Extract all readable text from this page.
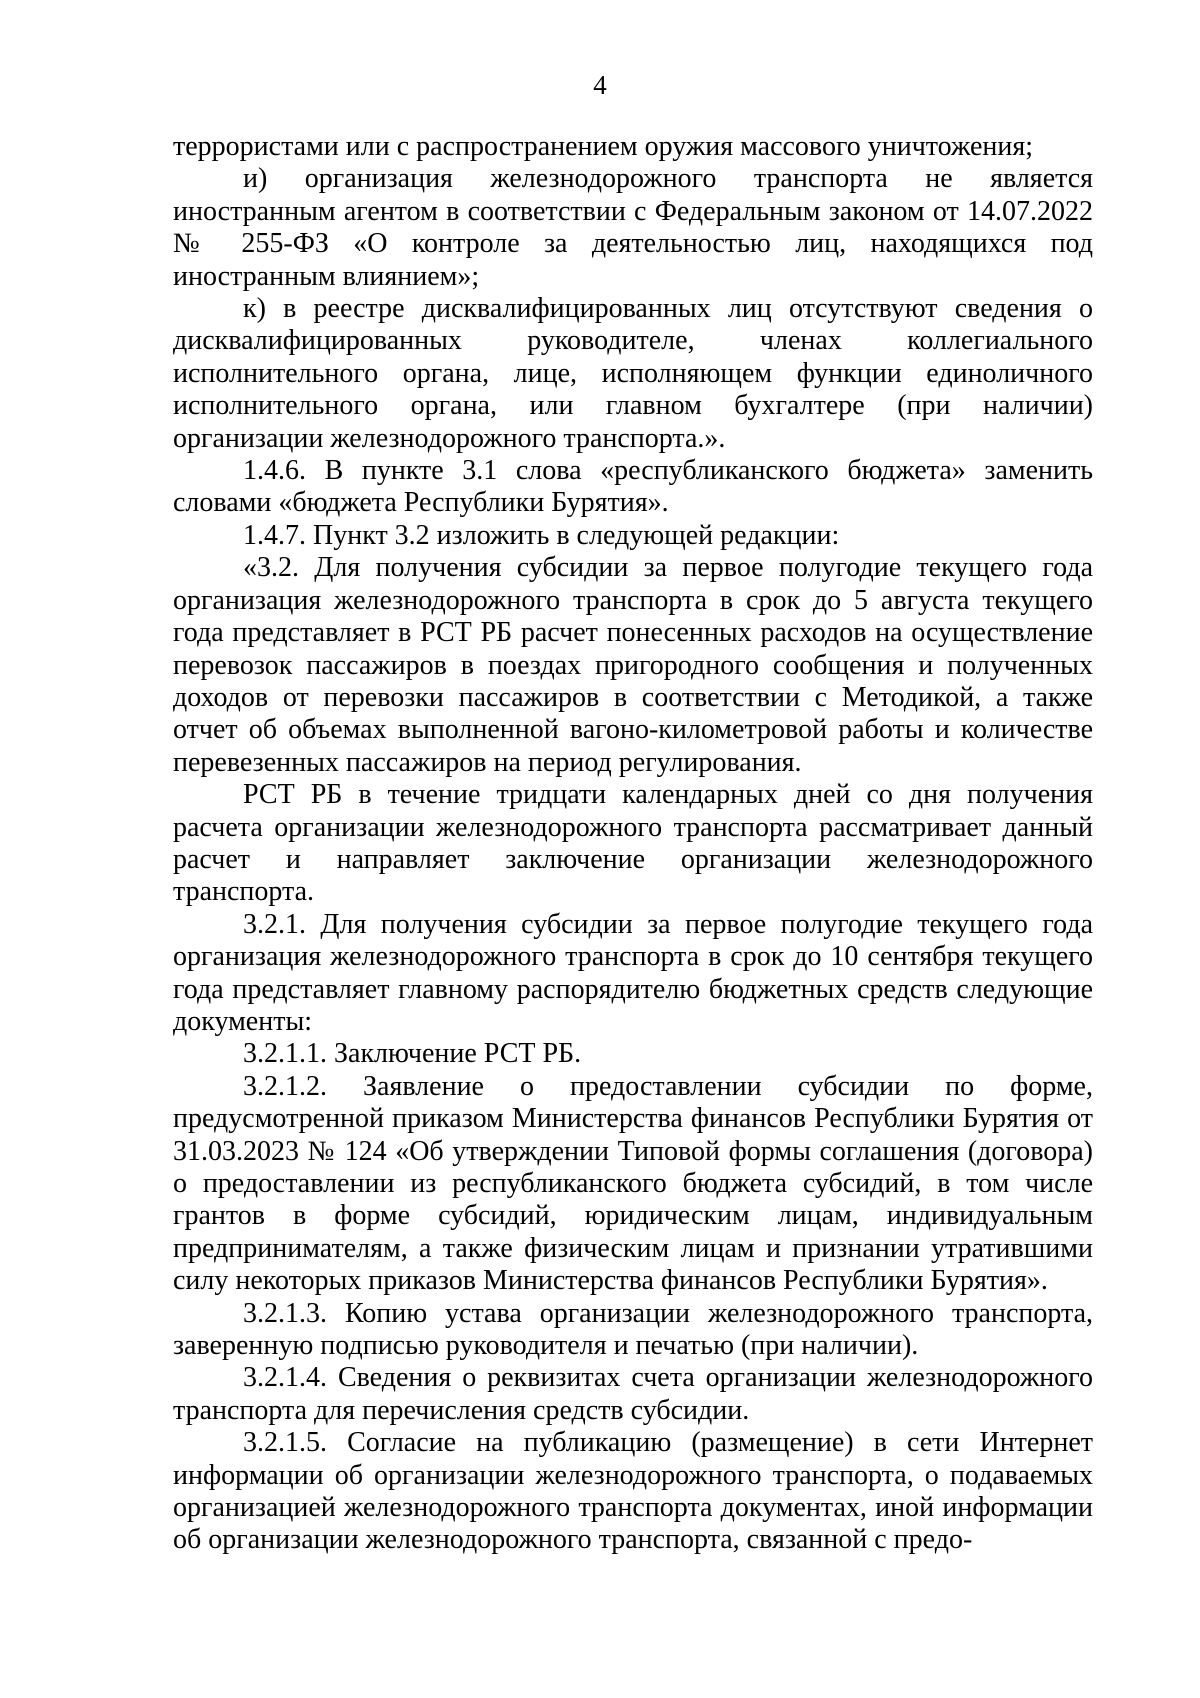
4

террористами или с распространением оружия массового уничтожения;

и) организация железнодорожного транспорта не является иностранным агентом в соответствии с Федеральным законом от 14.07.2022 № 255-ФЗ «О контроле за деятельностью лиц, находящихся под иностранным влиянием»;

к) в реестре дисквалифицированных лиц отсутствуют сведения о дисквалифицированных руководителе, членах коллегиального исполнительного органа, лице, исполняющем функции единоличного исполнительного органа, или главном бухгалтере (при наличии) организации железнодорожного транспорта.».

1.4.6. В пункте 3.1 слова «республиканского бюджета» заменить словами «бюджета Республики Бурятия».

1.4.7. Пункт 3.2 изложить в следующей редакции:

«3.2. Для получения субсидии за первое полугодие текущего года организация железнодорожного транспорта в срок до 5 августа текущего года представляет в РСТ РБ расчет понесенных расходов на осуществление перевозок пассажиров в поездах пригородного сообщения и полученных доходов от перевозки пассажиров в соответствии с Методикой, а также отчет об объемах выполненной вагоно-километровой работы и количестве перевезенных пассажиров на период регулирования.

РСТ РБ в течение тридцати календарных дней со дня получения расчета организации железнодорожного транспорта рассматривает данный расчет и направляет заключение организации железнодорожного транспорта.

3.2.1. Для получения субсидии за первое полугодие текущего года организация железнодорожного транспорта в срок до 10 сентября текущего года представляет главному распорядителю бюджетных средств следующие документы:

3.2.1.1. Заключение РСТ РБ.

3.2.1.2. Заявление о предоставлении субсидии по форме, предусмотренной приказом Министерства финансов Республики Бурятия от 31.03.2023 № 124 «Об утверждении Типовой формы соглашения (договора) о предоставлении из республиканского бюджета субсидий, в том числе грантов в форме субсидий, юридическим лицам, индивидуальным предпринимателям, а также физическим лицам и признании утратившими силу некоторых приказов Министерства финансов Республики Бурятия».

3.2.1.3. Копию устава организации железнодорожного транспорта, заверенную подписью руководителя и печатью (при наличии).

3.2.1.4. Сведения о реквизитах счета организации железнодорожного транспорта для перечисления средств субсидии.

3.2.1.5. Согласие на публикацию (размещение) в сети Интернет информации об организации железнодорожного транспорта, о подаваемых организацией железнодорожного транспорта документах, иной информации об организации железнодорожного транспорта, связанной с предо-
